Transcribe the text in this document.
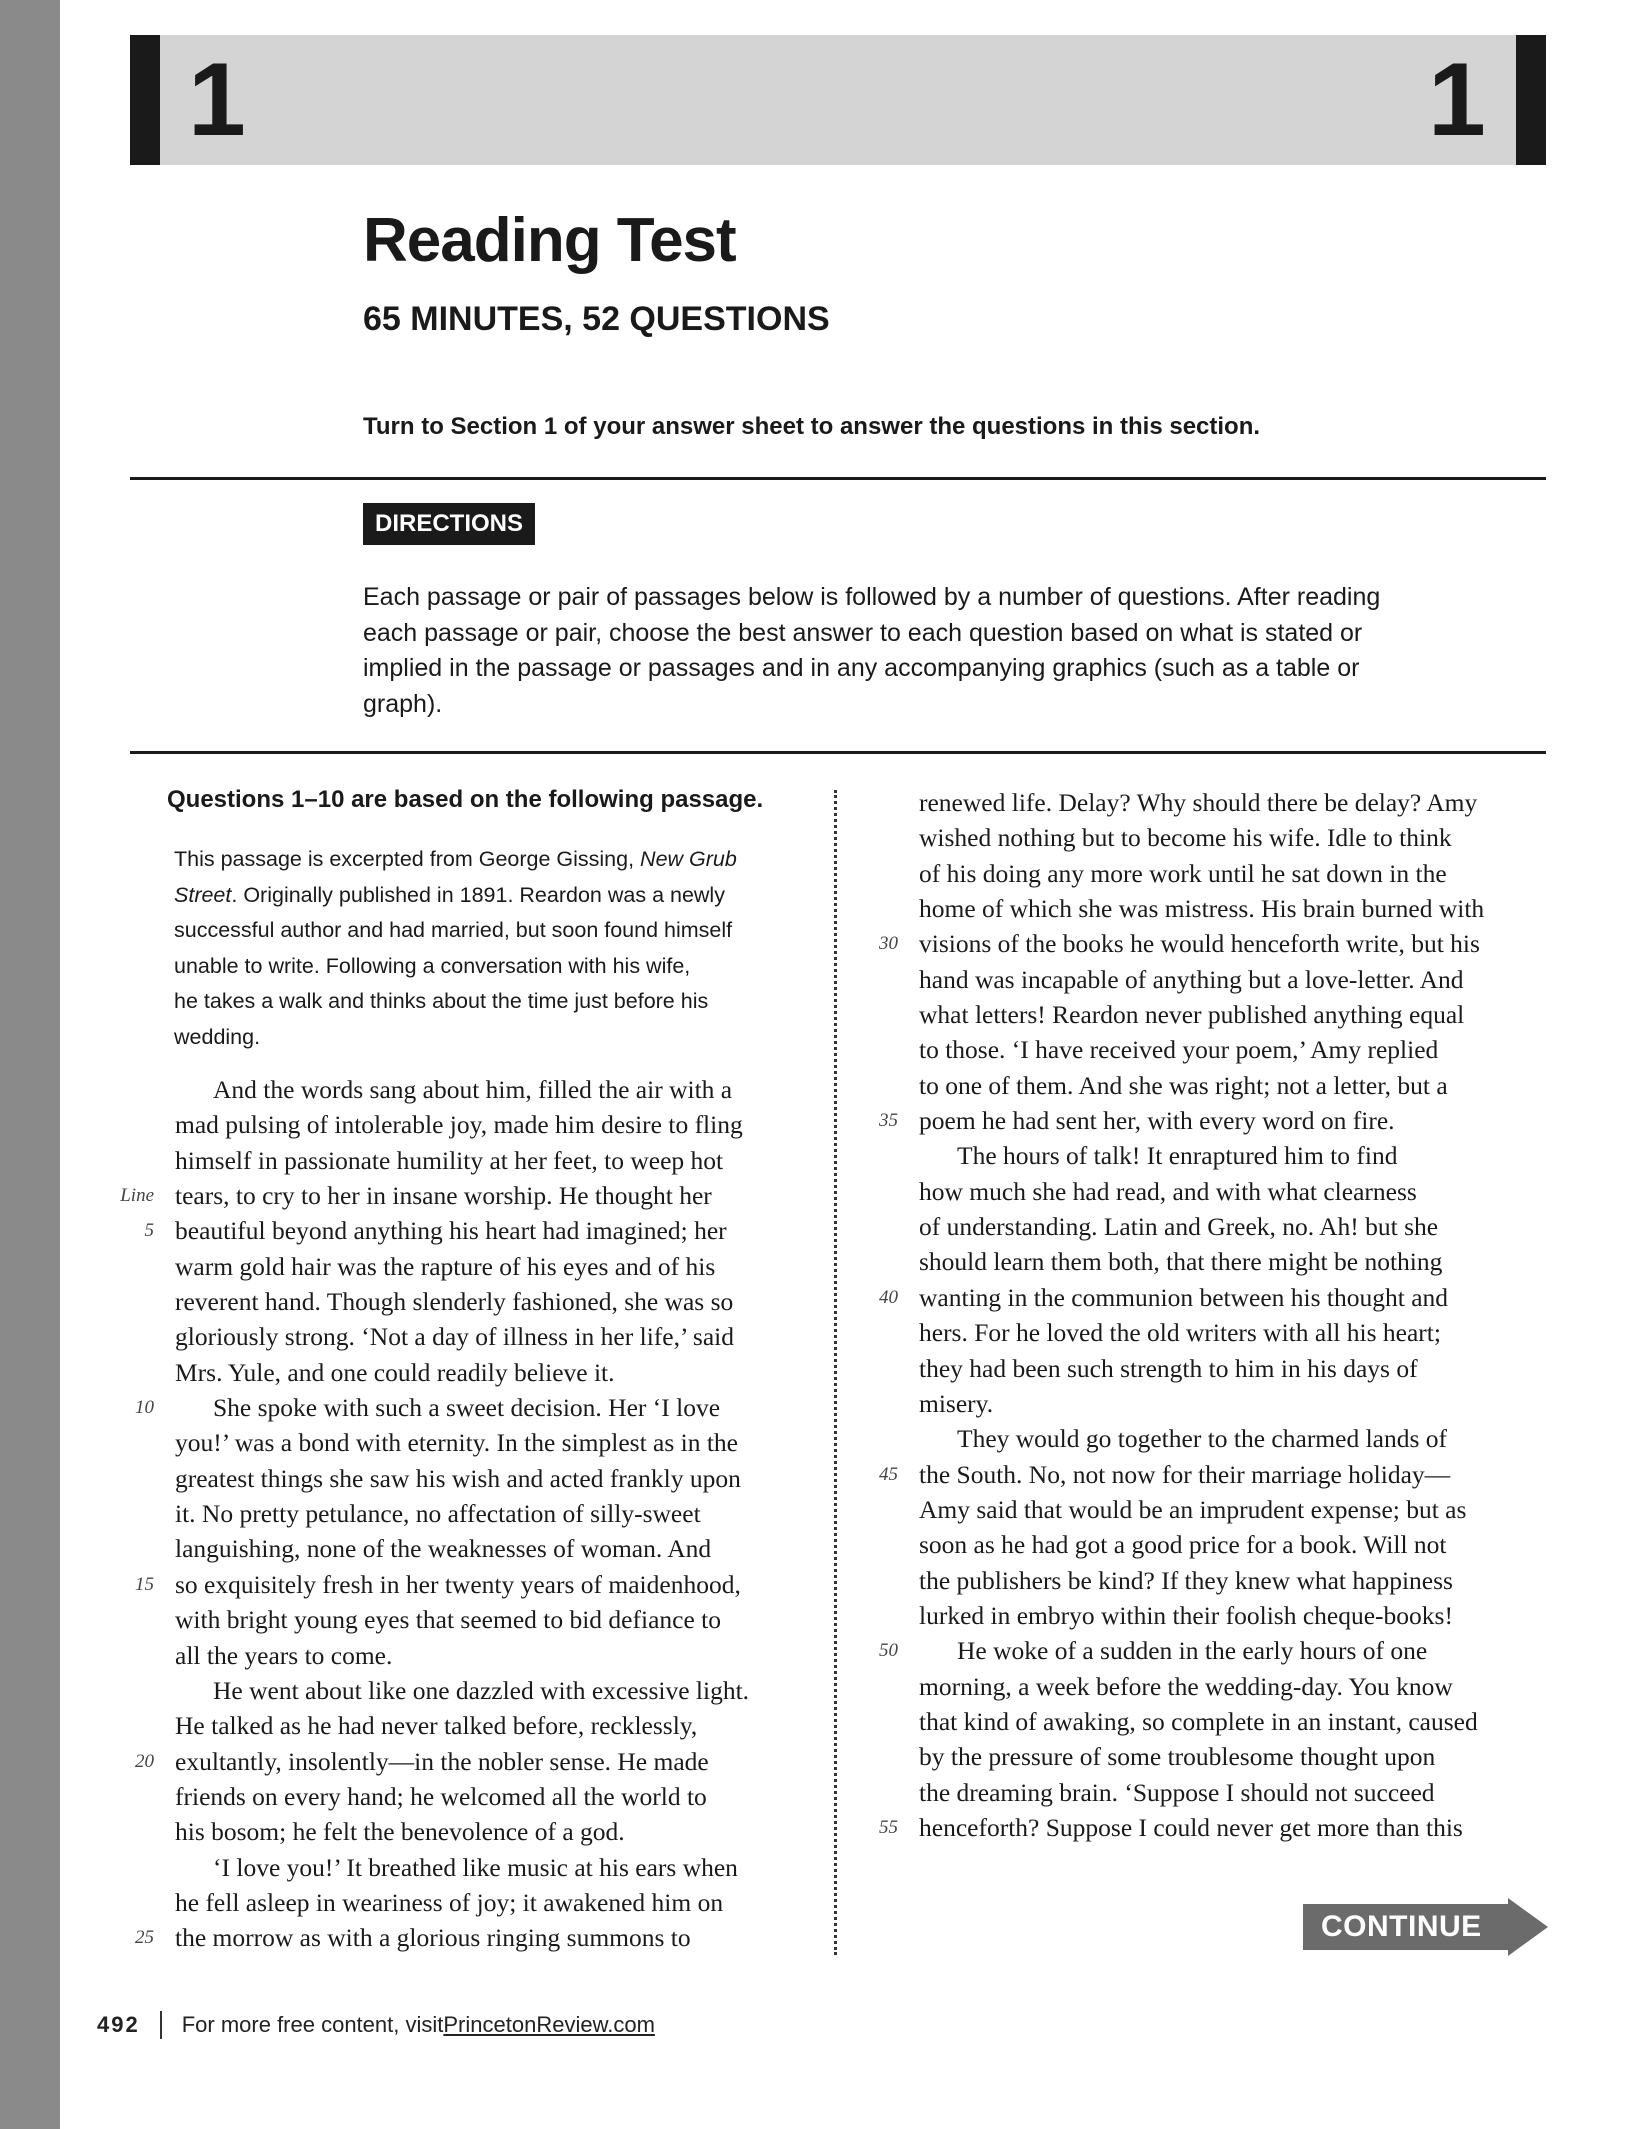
1	1
Reading Test
65 MINUTES, 52 QUESTIONS
Turn to Section 1 of your answer sheet to answer the questions in this section.
DIRECTIONS
Each passage or pair of passages below is followed by a number of questions. After reading
each passage or pair, choose the best answer to each question based on what is stated or
implied in the passage or passages and in any accompanying graphics (such as a table or
graph).
Questions 1–10 are based on the following passage.
This passage is excerpted from George Gissing, New Grub
Street. Originally published in 1891. Reardon was a newly
successful author and had married, but soon found himself
unable to write. Following a conversation with his wife,
he takes a walk and thinks about the time just before his
wedding.
And the words sang about him, filled the air with a
mad pulsing of intolerable joy, made him desire to fling
himself in passionate humility at her feet, to weep hot
tears, to cry to her in insane worship. He thought her
Line
beautiful beyond anything his heart had imagined; her
5
warm gold hair was the rapture of his eyes and of his
reverent hand. Though slenderly fashioned, she was so
gloriously strong. ‘Not a day of illness in her life,’ said
Mrs. Yule, and one could readily believe it.
She spoke with such a sweet decision. Her ‘I love
10
you!’ was a bond with eternity. In the simplest as in the
greatest things she saw his wish and acted frankly upon
it. No pretty petulance, no affectation of silly-sweet
languishing, none of the weaknesses of woman. And
so exquisitely fresh in her twenty years of maidenhood,
15
with bright young eyes that seemed to bid defiance to
all the years to come.
He went about like one dazzled with excessive light.
He talked as he had never talked before, recklessly,
exultantly, insolently—in the nobler sense. He made
20
friends on every hand; he welcomed all the world to
his bosom; he felt the benevolence of a god.
‘I love you!’ It breathed like music at his ears when
he fell asleep in weariness of joy; it awakened him on
the morrow as with a glorious ringing summons to
25
renewed life. Delay? Why should there be delay? Amy
wished nothing but to become his wife. Idle to think
of his doing any more work until he sat down in the
home of which she was mistress. His brain burned with
visions of the books he would henceforth write, but his
30
hand was incapable of anything but a love-letter. And
what letters! Reardon never published anything equal
to those. ‘I have received your poem,’ Amy replied
to one of them. And she was right; not a letter, but a
poem he had sent her, with every word on fire.
35
The hours of talk! It enraptured him to find
how much she had read, and with what clearness
of understanding. Latin and Greek, no. Ah! but she
should learn them both, that there might be nothing
wanting in the communion between his thought and
40
hers. For he loved the old writers with all his heart;
they had been such strength to him in his days of
misery.
They would go together to the charmed lands of
the South. No, not now for their marriage holiday—
45
Amy said that would be an imprudent expense; but as
soon as he had got a good price for a book. Will not
the publishers be kind? If they knew what happiness
lurked in embryo within their foolish cheque-books!
He woke of a sudden in the early hours of one
50
morning, a week before the wedding-day. You know
that kind of awaking, so complete in an instant, caused
by the pressure of some troublesome thought upon
the dreaming brain. ‘Suppose I should not succeed
henceforth? Suppose I could never get more than this
55
CONTINUE
492 For more free content, visit PrincetonReview.com
